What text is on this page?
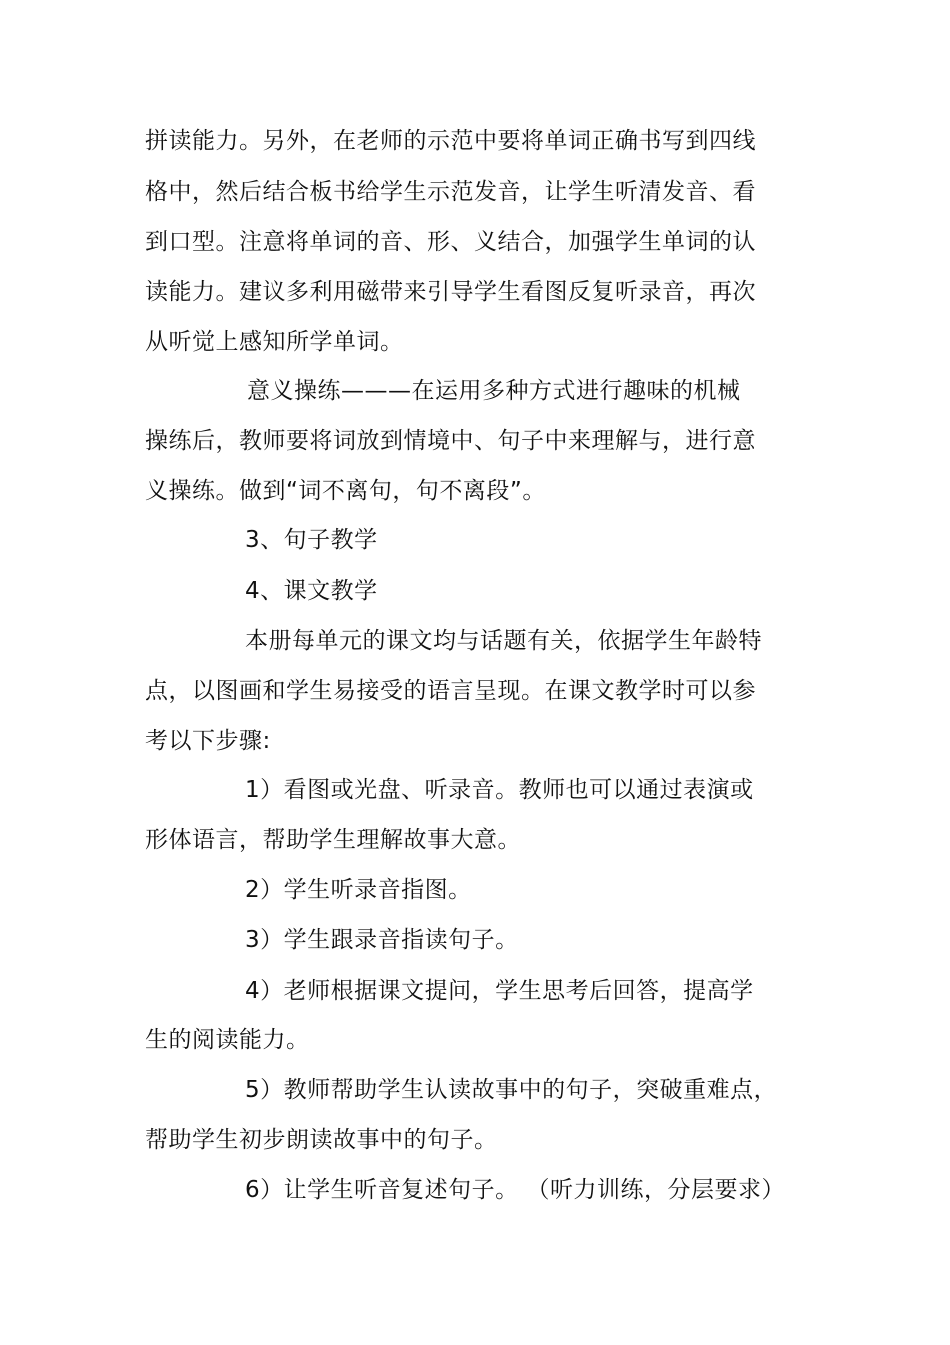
拼读能力。另外，在老师的示范中要将单词正确书写到四线
格中，然后结合板书给学生示范发音，让学生听清发音、看
到口型。注意将单词的音、形、义结合，加强学生单词的认
读能力。建议多利用磁带来引导学生看图反复听录音，再次
从听觉上感知所学单词。
意义操练———在运用多种方式进行趣味的机械
操练后，教师要将词放到情境中、句子中来理解与，进行意
义操练。做到“词不离句，句不离段”。
3、句子教学
4、课文教学
本册每单元的课文均与话题有关，依据学生年龄特
点，以图画和学生易接受的语言呈现。在课文教学时可以参
考以下步骤:
1）看图或光盘、听录音。教师也可以通过表演或
形体语言，帮助学生理解故事大意。
2）学生听录音指图。
3）学生跟录音指读句子。
4）老师根据课文提问，学生思考后回答，提高学
生的阅读能力。
5）教师帮助学生认读故事中的句子，突破重难点，
帮助学生初步朗读故事中的句子。
6）让学生听音复述句子。 （听力训练，分层要求）
